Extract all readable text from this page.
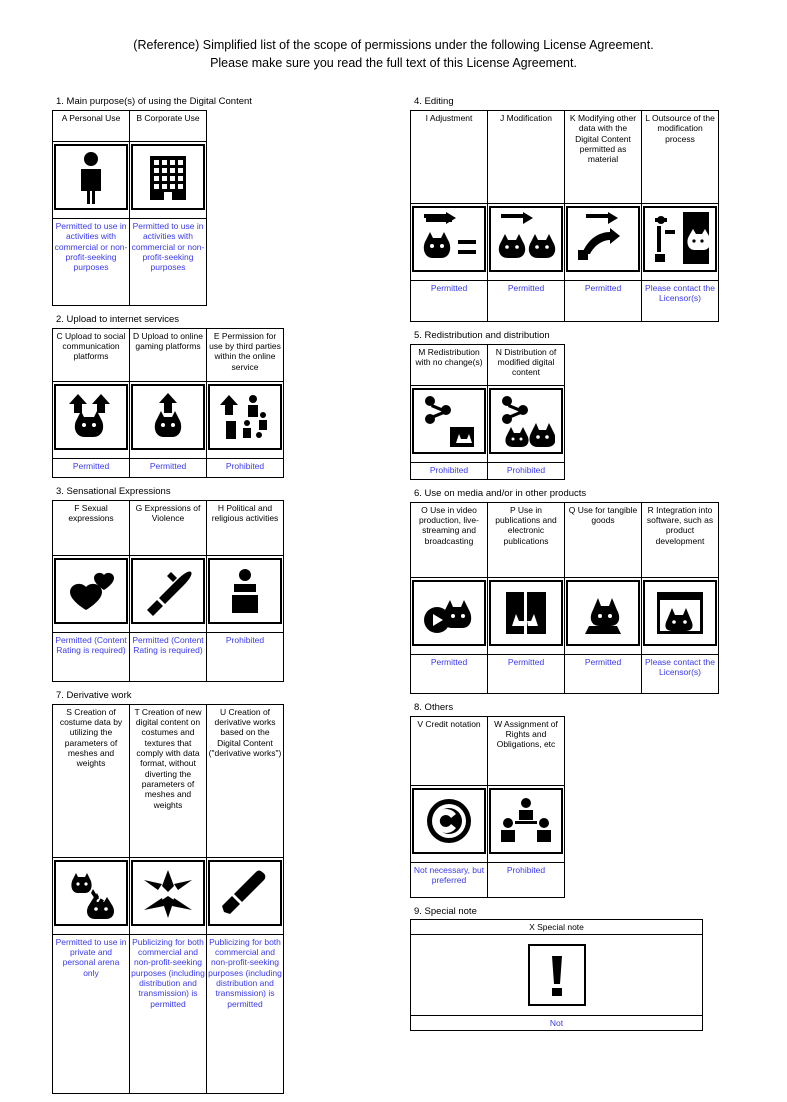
(Reference) Simplified list of the scope of permissions under the following License Agreement.
Please make sure you read the full text of this License Agreement.
1. Main purpose(s) of using the Digital Content
A Personal Use	B Corporate Use

Permitted to use in activities with commercial or non-profit-seeking purposes	Permitted to use in activities with commercial or non-profit-seeking purposes
2. Upload to internet services
C Upload to social communication platforms	D Upload to online gaming platforms	E Permission for use by third parties within the online service

Permitted	Permitted	Prohibited
3. Sensational Expressions
F Sexual expressions	G Expressions of Violence	H Political and religious activities

Permitted (Content Rating is required)	Permitted (Content Rating is required)	Prohibited
7. Derivative work
S Creation of costume data by utilizing the parameters of meshes and weights	T Creation of new digital content on costumes and textures that comply with data format, without diverting the parameters of meshes and weights	U Creation of derivative works based on the Digital Content ("derivative works")

Permitted to use in private and personal arena only	Publicizing for both commercial and non-profit-seeking purposes (including distribution and transmission) is permitted	Publicizing for both commercial and non-profit-seeking purposes (including distribution and transmission) is permitted
4. Editing
I Adjustment	J Modification	K Modifying other data with the Digital Content permitted as material	L Outsource of the modification process

Permitted	Permitted	Permitted	Please contact the Licensor(s)
5. Redistribution and distribution
M Redistribution with no change(s)	N Distribution of modified digital content

Prohibited	Prohibited
6. Use on media and/or in other products
O Use in video production, live-streaming and broadcasting	P Use in publications and electronic publications	Q Use for tangible goods	R Integration into software, such as product development

Permitted	Permitted	Permitted	Please contact the Licensor(s)
8. Others
V Credit notation	W Assignment of Rights and Obligations, etc

Not necessary, but preferred	Prohibited
9. Special note
X Special note

Not
